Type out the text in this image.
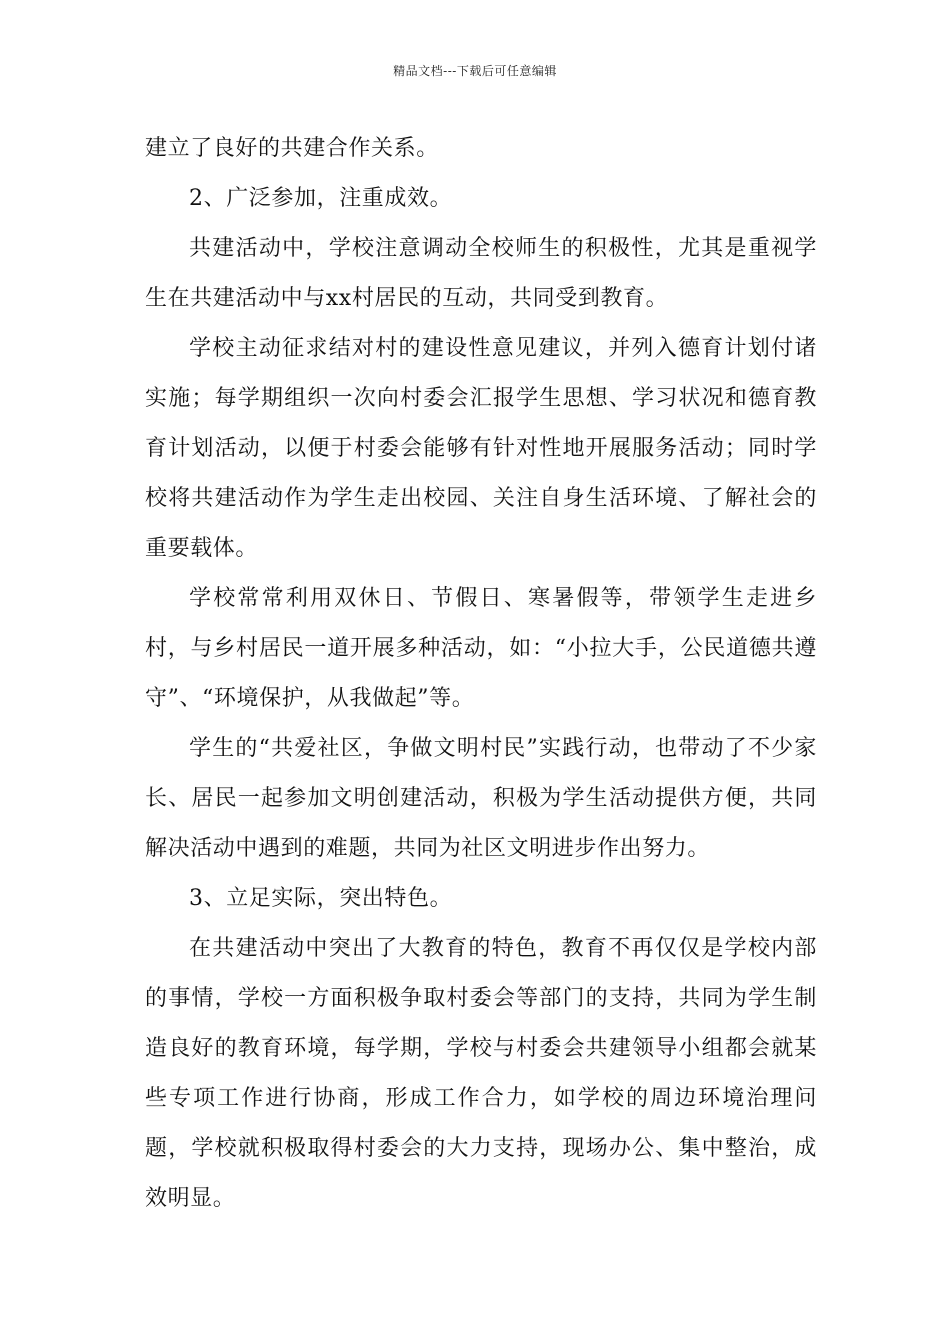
精品文档---下载后可任意编辑

建立了良好的共建合作关系。

2、广泛参加，注重成效。

共建活动中，学校注意调动全校师生的积极性，尤其是重视学生在共建活动中与xx村居民的互动，共同受到教育。

学校主动征求结对村的建设性意见建议，并列入德育计划付诸实施；每学期组织一次向村委会汇报学生思想、学习状况和德育教育计划活动，以便于村委会能够有针对性地开展服务活动；同时学校将共建活动作为学生走出校园、关注自身生活环境、了解社会的重要载体。

学校常常利用双休日、节假日、寒暑假等，带领学生走进乡村，与乡村居民一道开展多种活动，如：“小拉大手，公民道德共遵守”、“环境保护，从我做起”等。

学生的“共爱社区，争做文明村民”实践行动，也带动了不少家长、居民一起参加文明创建活动，积极为学生活动提供方便，共同解决活动中遇到的难题，共同为社区文明进步作出努力。

3、立足实际，突出特色。

在共建活动中突出了大教育的特色，教育不再仅仅是学校内部的事情，学校一方面积极争取村委会等部门的支持，共同为学生制造良好的教育环境，每学期，学校与村委会共建领导小组都会就某些专项工作进行协商，形成工作合力，如学校的周边环境治理问题，学校就积极取得村委会的大力支持，现场办公、集中整治，成效明显。
